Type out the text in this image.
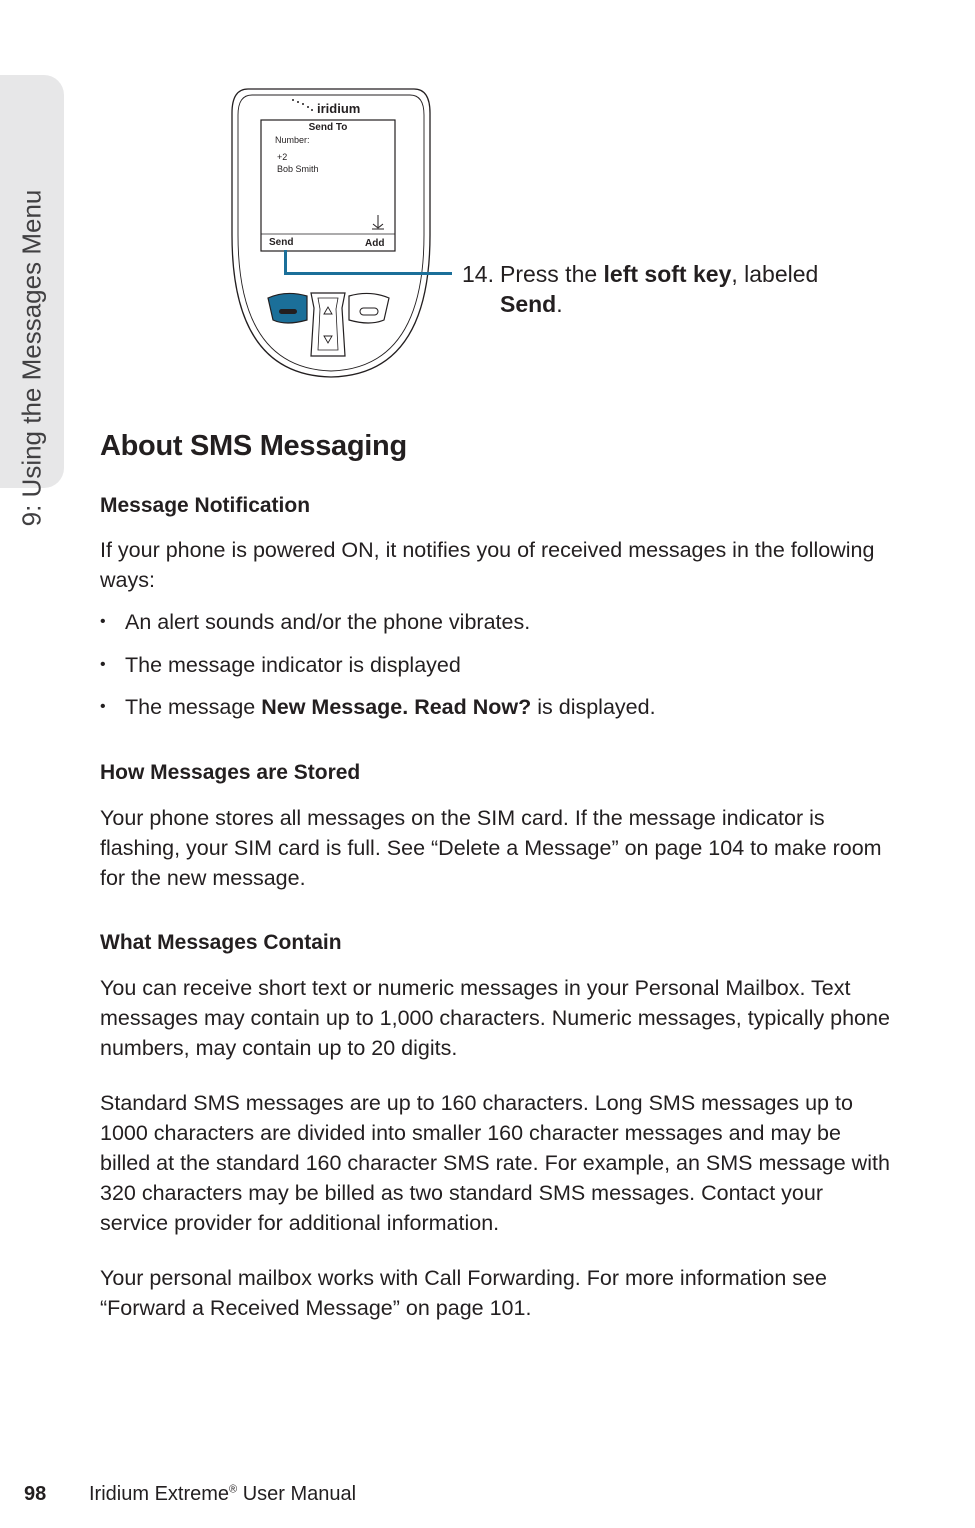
9: Using the Messages Menu
iridium
Send To
Number:
+2
Bob Smith
Send	Add
14. Press the left soft key, labeled
Send.
About SMS Messaging
Message Notification

If your phone is powered ON, it notifies you of received messages in the following ways:

• An alert sounds and/or the phone vibrates.
• The message indicator is displayed
• The message New Message. Read Now? is displayed.
How Messages are Stored

Your phone stores all messages on the SIM card. If the message indicator is flashing, your SIM card is full. See “Delete a Message” on page 104 to make room for the new message.

What Messages Contain

You can receive short text or numeric messages in your Personal Mailbox. Text messages may contain up to 1,000 characters. Numeric messages, typically phone numbers, may contain up to 20 digits.

Standard SMS messages are up to 160 characters. Long SMS messages up to 1000 characters are divided into smaller 160 character messages and may be billed at the standard 160 character SMS rate. For example, an SMS message with 320 characters may be billed as two standard SMS messages. Contact your service provider for additional information.

Your personal mailbox works with Call Forwarding. For more information see “Forward a Received Message” on page 101.

98 Iridium Extreme® User Manual
